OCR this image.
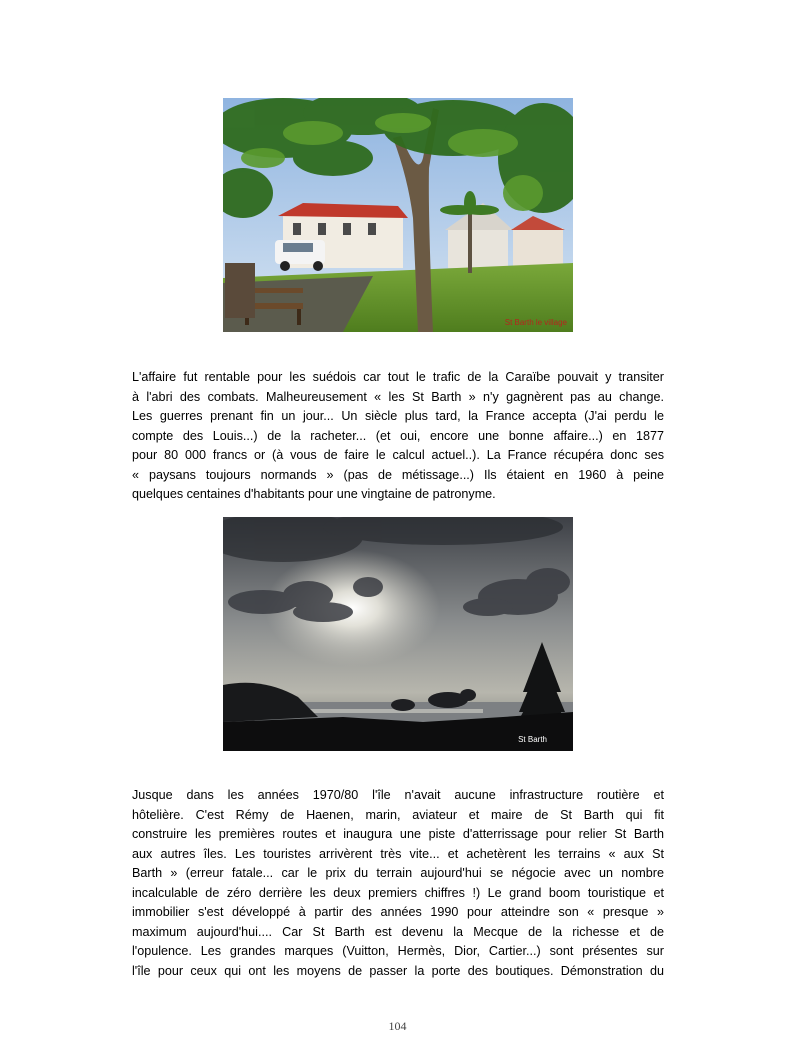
St Barth le village
L'affaire fut rentable pour les suédois car tout le trafic de la Caraïbe pouvait y transiter
à l'abri des combats. Malheureusement « les St Barth » n'y gagnèrent pas au change.
Les guerres prenant fin un jour... Un siècle plus tard, la France accepta (J'ai perdu le
compte des Louis...) de la racheter... (et oui, encore une bonne affaire...) en 1877
pour 80 000 francs or (à vous de faire le calcul actuel..). La France récupéra donc ses
« paysans toujours normands » (pas de métissage...) Ils étaient en 1960 à peine
quelques centaines d'habitants pour une vingtaine de patronyme.
St Barth
Jusque dans les années 1970/80 l'île n'avait aucune infrastructure routière et
hôtelière. C'est Rémy de Haenen, marin, aviateur et maire de St Barth qui fit
construire les premières routes et inaugura une piste d'atterrissage pour relier St Barth
aux autres îles. Les touristes arrivèrent très vite... et achetèrent les terrains « aux St
Barth » (erreur fatale... car le prix du terrain aujourd'hui se négocie avec un nombre
incalculable de zéro derrière les deux premiers chiffres !) Le grand boom touristique et
immobilier s'est développé à partir des années 1990 pour atteindre son « presque »
maximum aujourd'hui.... Car St Barth est devenu la Mecque de la richesse et de
l'opulence. Les grandes marques (Vuitton, Hermès, Dior, Cartier...) sont présentes sur
l'île pour ceux qui ont les moyens de passer la porte des boutiques. Démonstration du
104
